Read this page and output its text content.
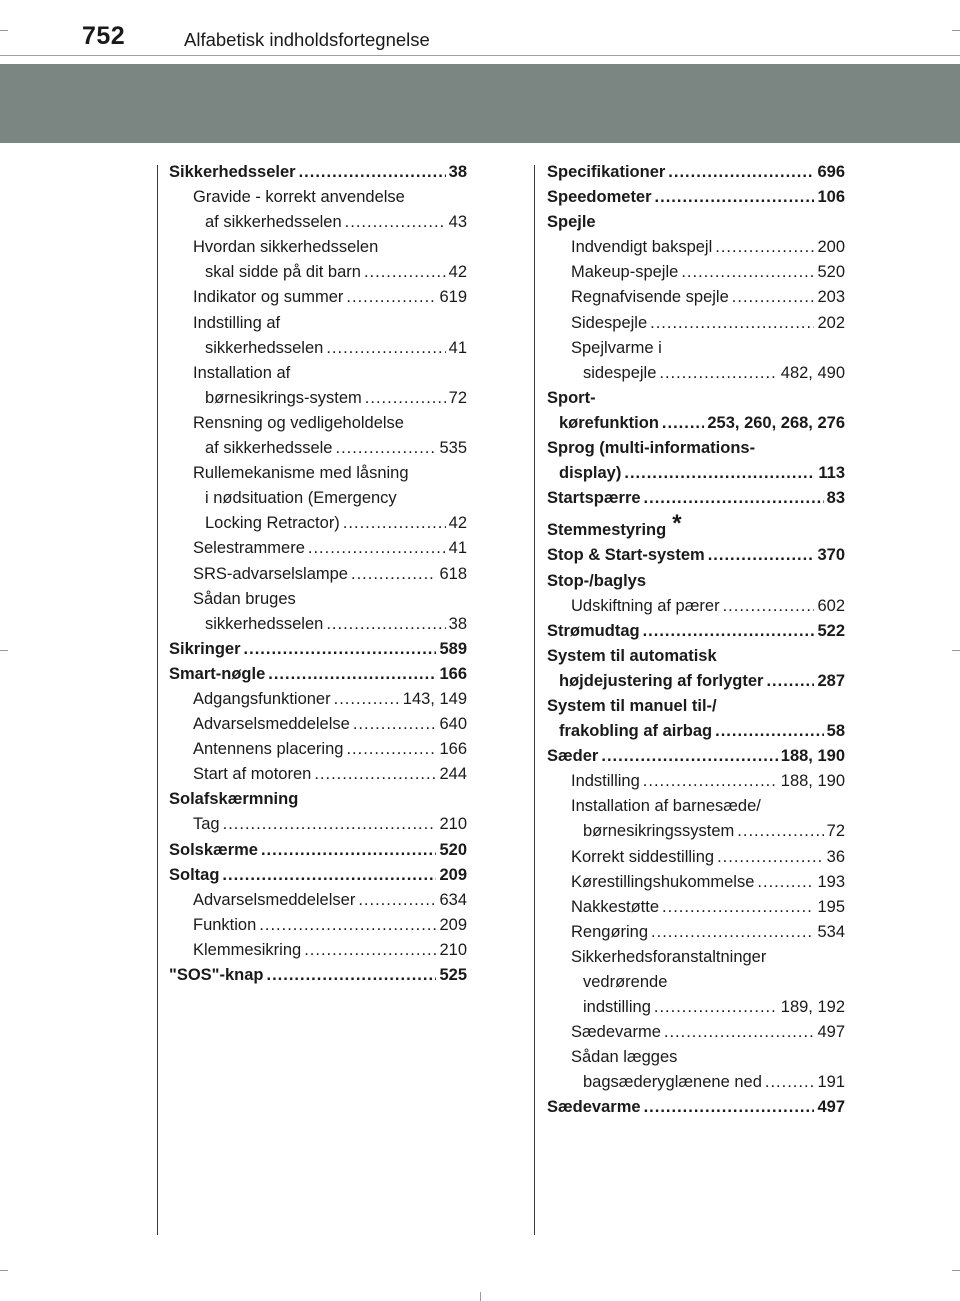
752	Alfabetisk indholdsfortegnelse
Sikkerhedsseler .....	38
Gravide - korrekt anvendelse
af sikkerhedsselen .....	43
Hvordan sikkerhedsselen
skal sidde på dit barn .....	42
Indikator og summer .....	619
Indstilling af
sikkerhedsselen .....	41
Installation af
børnesikrings-system .....	72
Rensning og vedligeholdelse
af sikkerhedssele .....	535
Rullemekanisme med låsning
i nødsituation (Emergency
Locking Retractor) .....	42
Selestrammere .....	41
SRS-advarselslampe .....	618
Sådan bruges
sikkerhedsselen .....	38
Sikringer .....	589
Smart-nøgle .....	166
Adgangsfunktioner .....	143, 149
Advarselsmeddelelse .....	640
Antennens placering .....	166
Start af motoren .....	244
Solafskærmning
Tag .....	210
Solskærme .....	520
Soltag .....	209
Advarselsmeddelelser .....	634
Funktion .....	209
Klemmesikring .....	210
"SOS"-knap .....	525
Specifikationer .....	696
Speedometer .....	106
Spejle
Indvendigt bakspejl .....	200
Makeup-spejle .....	520
Regnafvisende spejle .....	203
Sidespejle .....	202
Spejlvarme i
sidespejle .....	482, 490
Sport-
kørefunktion .....	253, 260, 268, 276
Sprog (multi-informations-
display) .....	113
Startspærre .....	83
Stemmestyring *
Stop & Start-system .....	370
Stop-/baglys
Udskiftning af pærer .....	602
Strømudtag .....	522
System til automatisk
højdejustering af forlygter .....	287
System til manuel til-/
frakobling af airbag .....	58
Sæder .....	188, 190
Indstilling .....	188, 190
Installation af barnesæde/
børnesikringssystem .....	72
Korrekt siddestilling .....	36
Kørestillingshukommelse .....	193
Nakkestøtte .....	195
Rengøring .....	534
Sikkerhedsforanstaltninger
vedrørende
indstilling .....	189, 192
Sædevarme .....	497
Sådan lægges
bagsæderyglænene ned .....	191
Sædevarme .....	497
